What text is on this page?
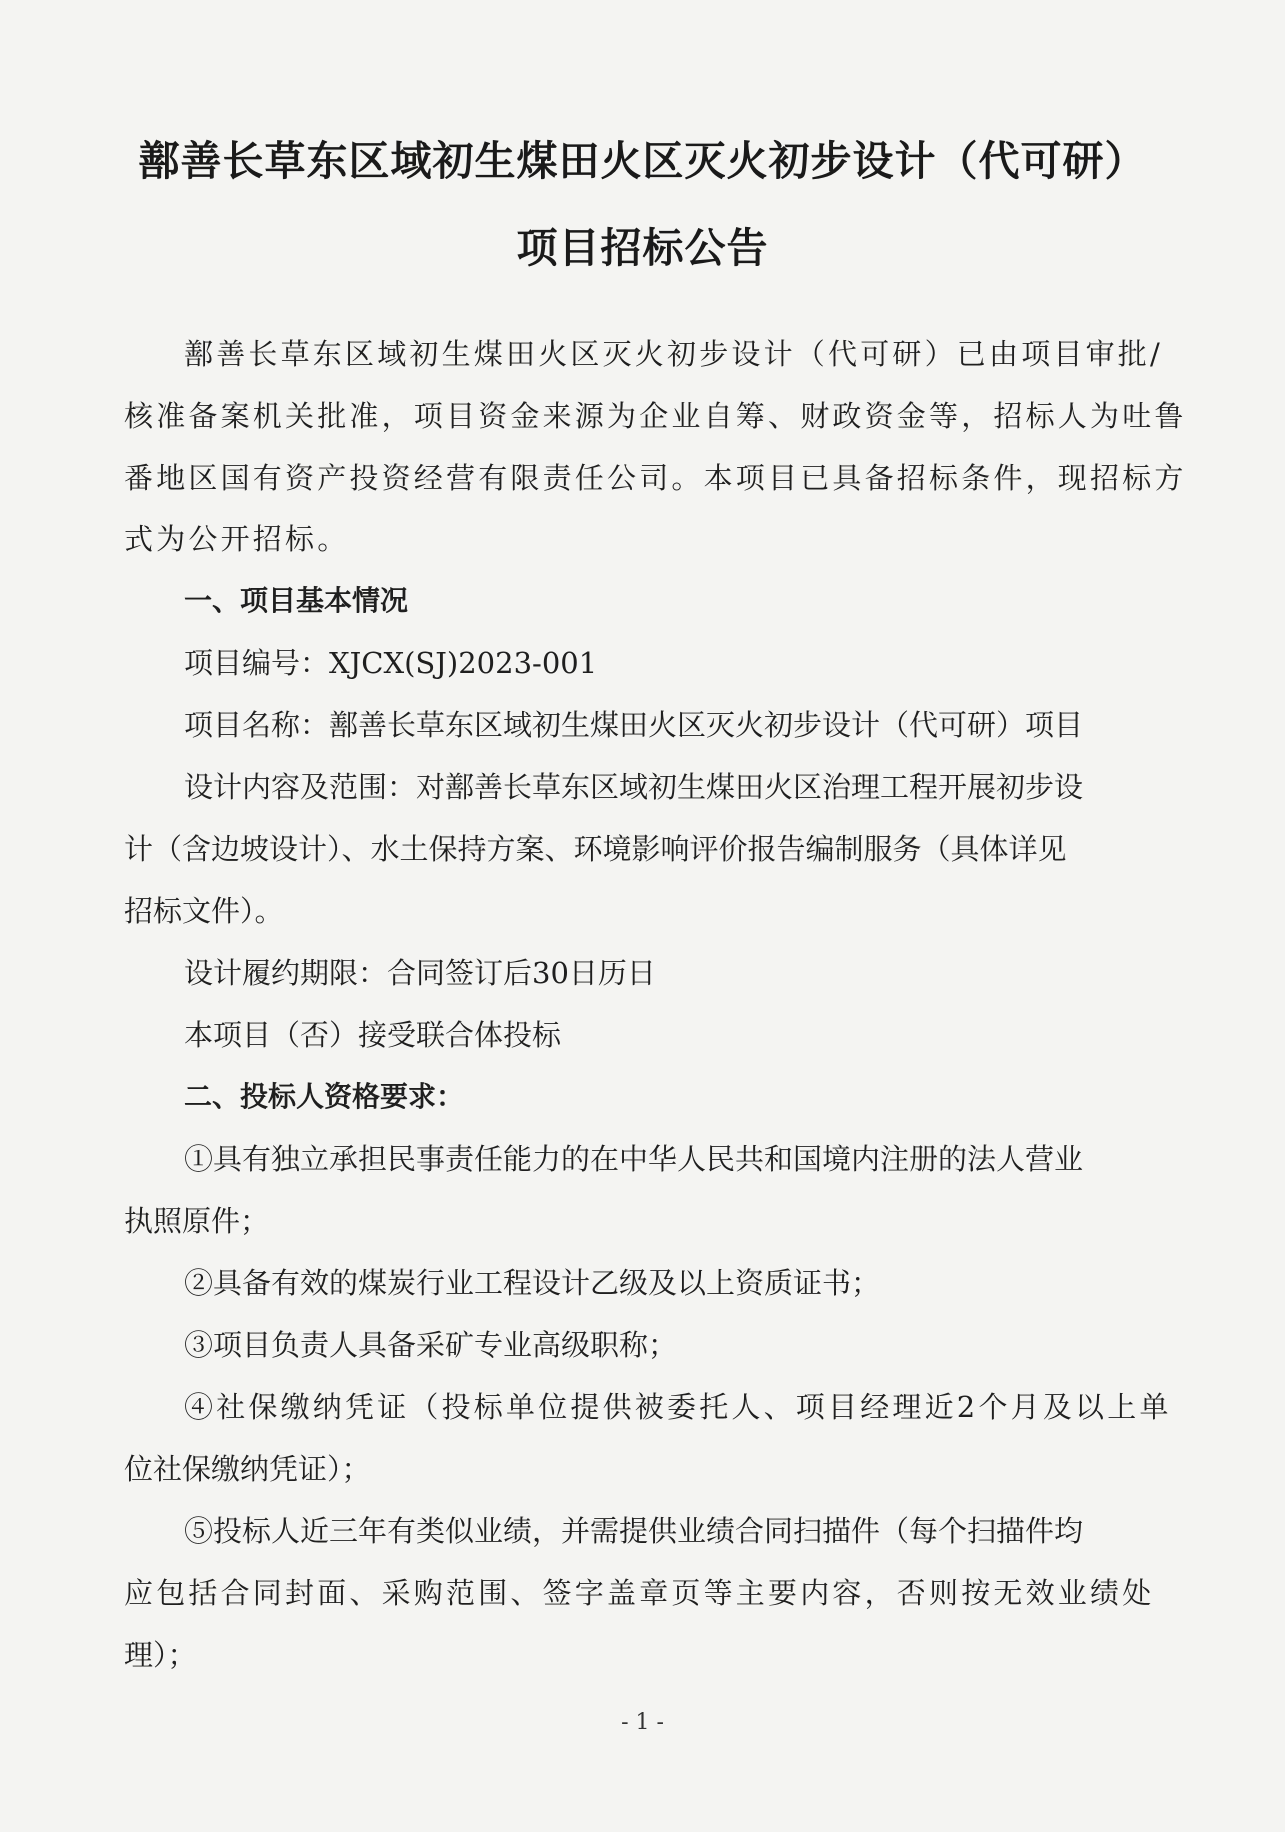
鄯善长草东区域初生煤田火区灭火初步设计（代可研）
项目招标公告
鄯善长草东区域初生煤田火区灭火初步设计（代可研）已由项目审批/
核准备案机关批准，项目资金来源为企业自筹、财政资金等，招标人为吐鲁
番地区国有资产投资经营有限责任公司。本项目已具备招标条件，现招标方
式为公开招标。
一、项目基本情况
项目编号：XJCX(SJ)2023-001
项目名称：鄯善长草东区域初生煤田火区灭火初步设计（代可研）项目
设计内容及范围：对鄯善长草东区域初生煤田火区治理工程开展初步设
计（含边坡设计）、水土保持方案、环境影响评价报告编制服务（具体详见
招标文件）。
设计履约期限：合同签订后30日历日
本项目（否）接受联合体投标
二、投标人资格要求：
①具有独立承担民事责任能力的在中华人民共和国境内注册的法人营业
执照原件；
②具备有效的煤炭行业工程设计乙级及以上资质证书；
③项目负责人具备采矿专业高级职称；
④社保缴纳凭证（投标单位提供被委托人、项目经理近2个月及以上单
位社保缴纳凭证）；
⑤投标人近三年有类似业绩，并需提供业绩合同扫描件（每个扫描件均
应包括合同封面、采购范围、签字盖章页等主要内容，否则按无效业绩处
理）；
- 1 -
